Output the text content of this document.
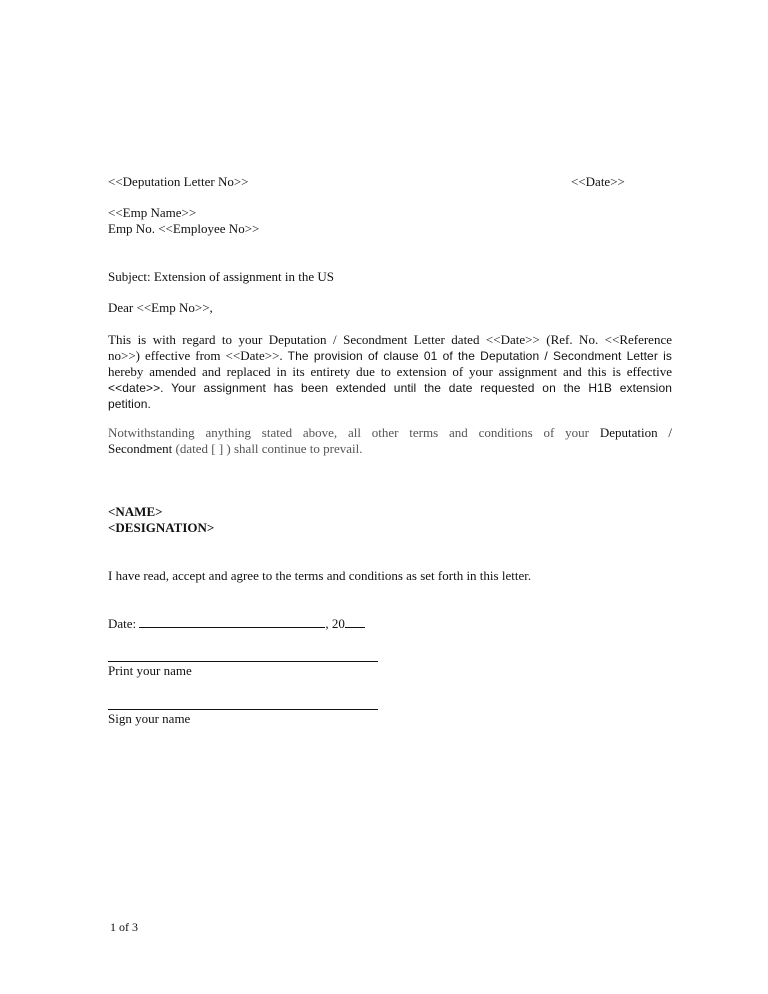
<<Deputation Letter No>>	<<Date>>
<<Emp Name>>
Emp No. <<Employee No>>
Subject: Extension of assignment in the US
Dear <<Emp No>>,
This is with regard to your Deputation / Secondment Letter dated <<Date>> (Ref. No. <<Reference
no>>) effective from <<Date>>. The provision of clause 01 of the Deputation / Secondment Letter is
hereby amended and replaced in its entirety due to extension of your assignment and this is effective
<<date>>. Your assignment has been extended until the date requested on the H1B extension
petition.
Notwithstanding anything stated above, all other terms and conditions of your Deputation /
Secondment (dated [ ] ) shall continue to prevail.
<NAME>
<DESIGNATION>
I have read, accept and agree to the terms and conditions as set forth in this letter.
Date:	, 20
Print your name
Sign your name
1 of 3
